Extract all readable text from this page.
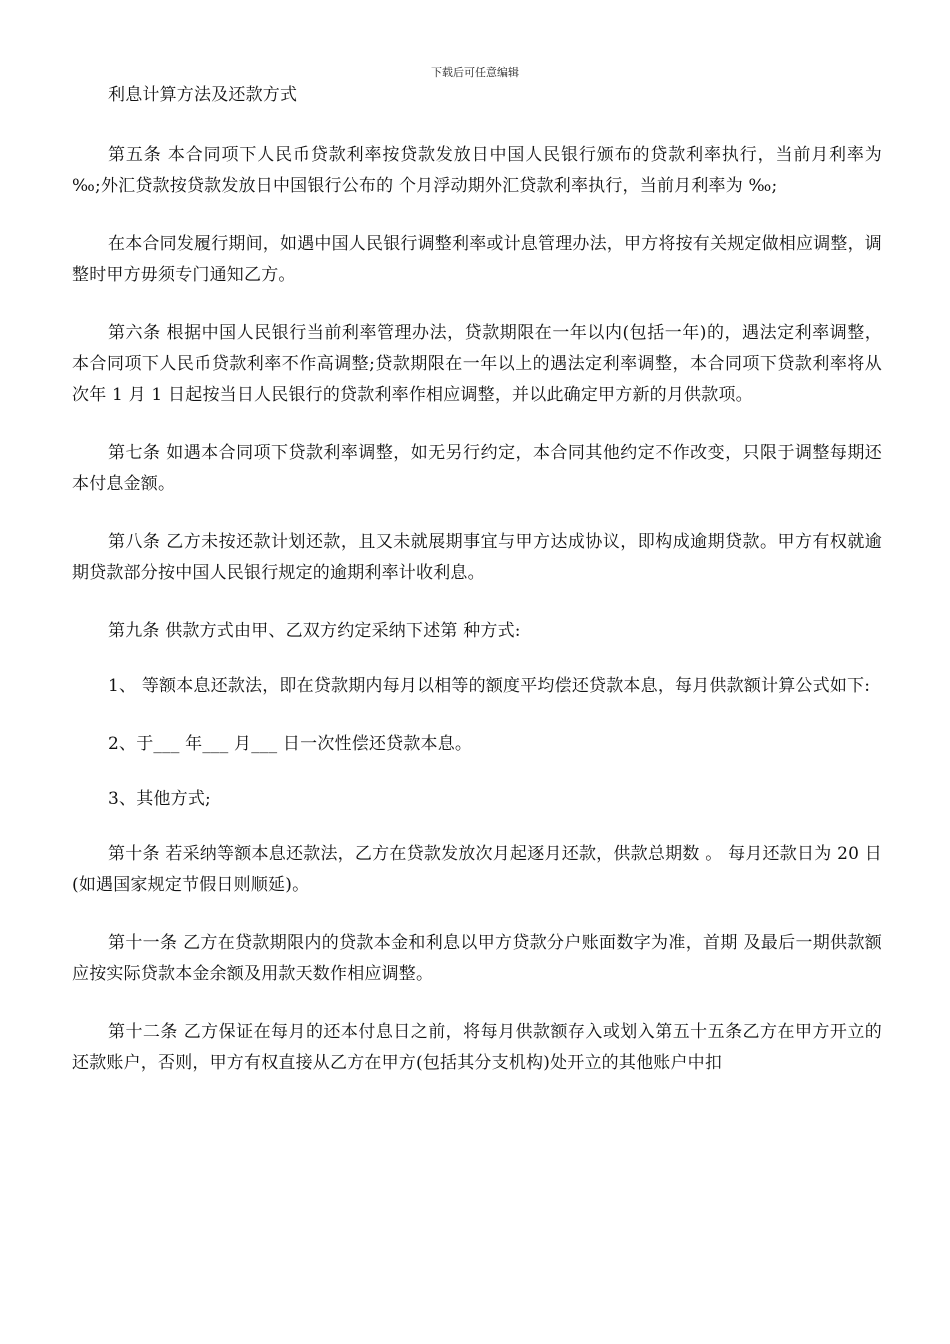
下载后可任意编辑

利息计算方法及还款方式

第五条 本合同项下人民币贷款利率按贷款发放日中国人民银行颁布的贷款利率执行，当前月利率为 ‰;外汇贷款按贷款发放日中国银行公布的 个月浮动期外汇贷款利率执行，当前月利率为 ‰;

在本合同发履行期间，如遇中国人民银行调整利率或计息管理办法，甲方将按有关规定做相应调整，调整时甲方毋须专门通知乙方。

第六条 根据中国人民银行当前利率管理办法，贷款期限在一年以内(包括一年)的，遇法定利率调整，本合同项下人民币贷款利率不作高调整;贷款期限在一年以上的遇法定利率调整，本合同项下贷款利率将从次年 1 月 1 日起按当日人民银行的贷款利率作相应调整，并以此确定甲方新的月供款项。

第七条 如遇本合同项下贷款利率调整，如无另行约定，本合同其他约定不作改变，只限于调整每期还本付息金额。

第八条 乙方未按还款计划还款，且又未就展期事宜与甲方达成协议，即构成逾期贷款。甲方有权就逾期贷款部分按中国人民银行规定的逾期利率计收利息。

第九条 供款方式由甲、乙双方约定采纳下述第 种方式:

1、 等额本息还款法，即在贷款期内每月以相等的额度平均偿还贷款本息，每月供款额计算公式如下:

2、于___ 年___ 月___ 日一次性偿还贷款本息。

3、其他方式;

第十条 若采纳等额本息还款法，乙方在贷款发放次月起逐月还款，供款总期数 。 每月还款日为 20 日(如遇国家规定节假日则顺延)。

第十一条 乙方在贷款期限内的贷款本金和利息以甲方贷款分户账面数字为准，首期 及最后一期供款额应按实际贷款本金余额及用款天数作相应调整。

第十二条 乙方保证在每月的还本付息日之前，将每月供款额存入或划入第五十五条乙方在甲方开立的还款账户，否则，甲方有权直接从乙方在甲方(包括其分支机构)处开立的其他账户中扣
